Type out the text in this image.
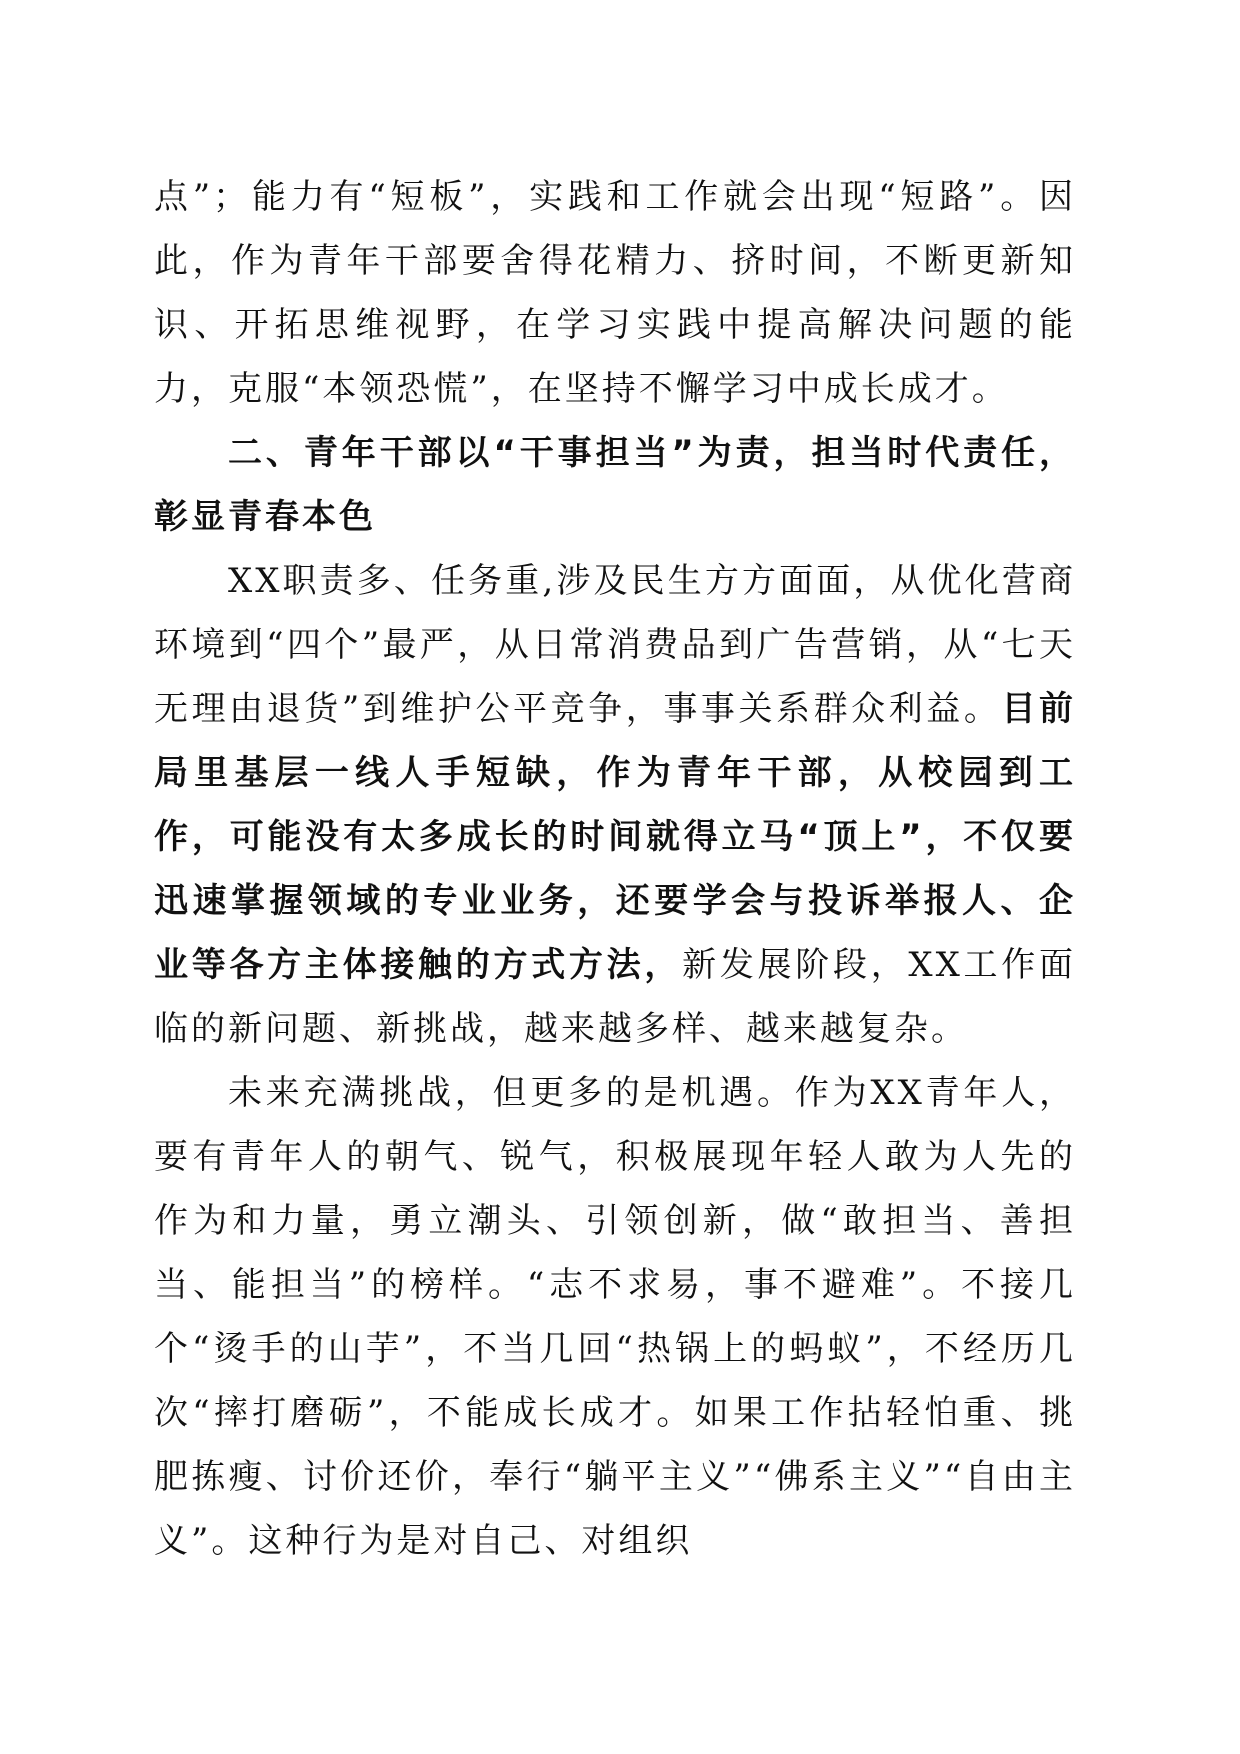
点”；能力有“短板”，实践和工作就会出现“短路”。因此，作为青年干部要舍得花精力、挤时间，不断更新知识、开拓思维视野，在学习实践中提高解决问题的能力，克服“本领恐慌”，在坚持不懈学习中成长成才。

二、青年干部以“干事担当”为责，担当时代责任，彰显青春本色

XX职责多、任务重,涉及民生方方面面，从优化营商环境到“四个”最严，从日常消费品到广告营销，从“七天无理由退货”到维护公平竞争，事事关系群众利益。目前局里基层一线人手短缺，作为青年干部，从校园到工作，可能没有太多成长的时间就得立马“顶上”，不仅要迅速掌握领域的专业业务，还要学会与投诉举报人、企业等各方主体接触的方式方法，新发展阶段，XX工作面临的新问题、新挑战，越来越多样、越来越复杂。

未来充满挑战，但更多的是机遇。作为XX青年人，要有青年人的朝气、锐气，积极展现年轻人敢为人先的作为和力量，勇立潮头、引领创新，做“敢担当、善担当、能担当”的榜样。“志不求易，事不避难”。不接几个“烫手的山芋”，不当几回“热锅上的蚂蚁”，不经历几次“摔打磨砺”，不能成长成才。如果工作拈轻怕重、挑肥拣瘦、讨价还价，奉行“躺平主义”“佛系主义”“自由主义”。这种行为是对自己、对组织
